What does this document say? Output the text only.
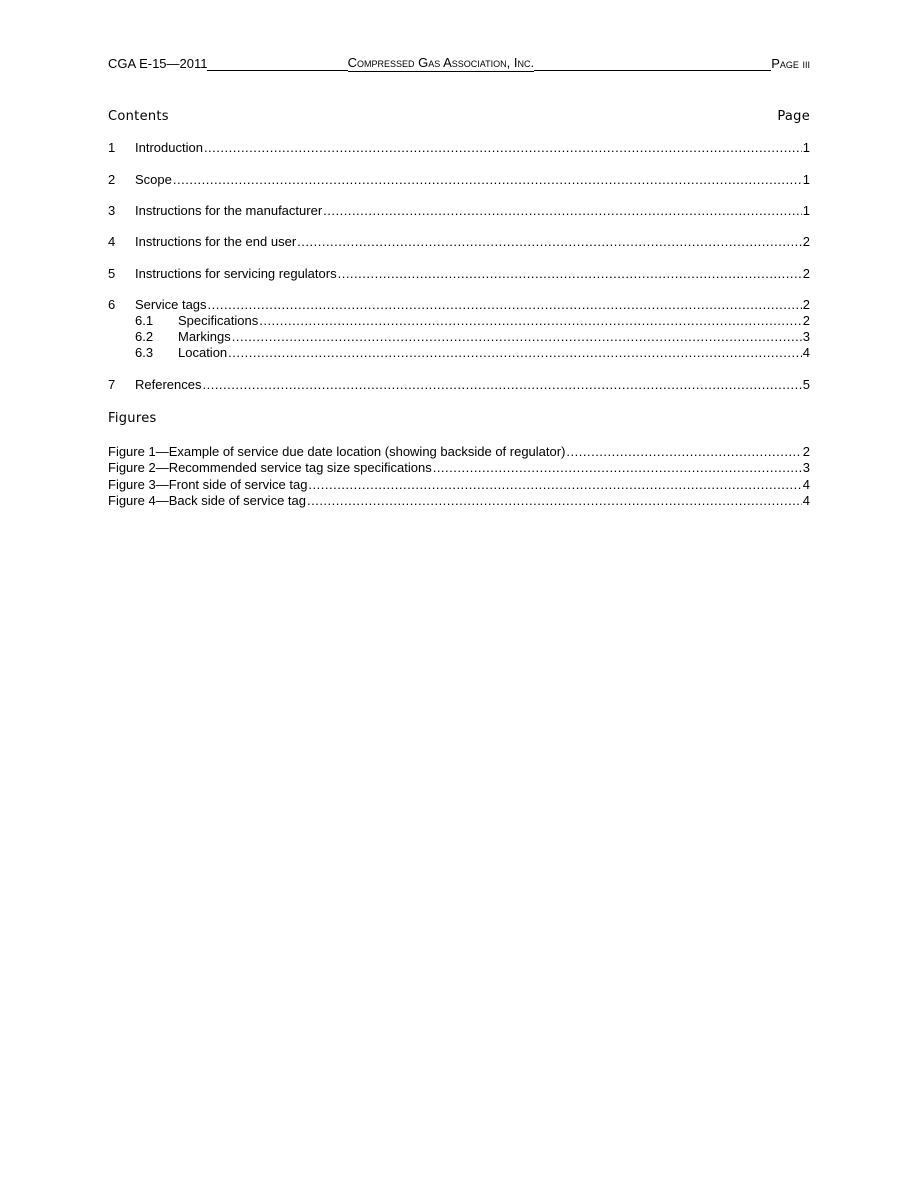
CGA E-15—2011	Compressed Gas Association, Inc.	Page iii
Contents	Page
1	Introduction .....	1
2	Scope .....	1
3	Instructions for the manufacturer .....	1
4	Instructions for the end user .....	2
5	Instructions for servicing regulators .....	2
6	Service tags .....	2
6.1	Specifications .....	2
6.2	Markings .....	3
6.3	Location .....	4
7	References .....	5
Figures
Figure 1—Example of service due date location (showing backside of regulator) .....	2
Figure 2—Recommended service tag size specifications .....	3
Figure 3—Front side of service tag .....	4
Figure 4—Back side of service tag .....	4
